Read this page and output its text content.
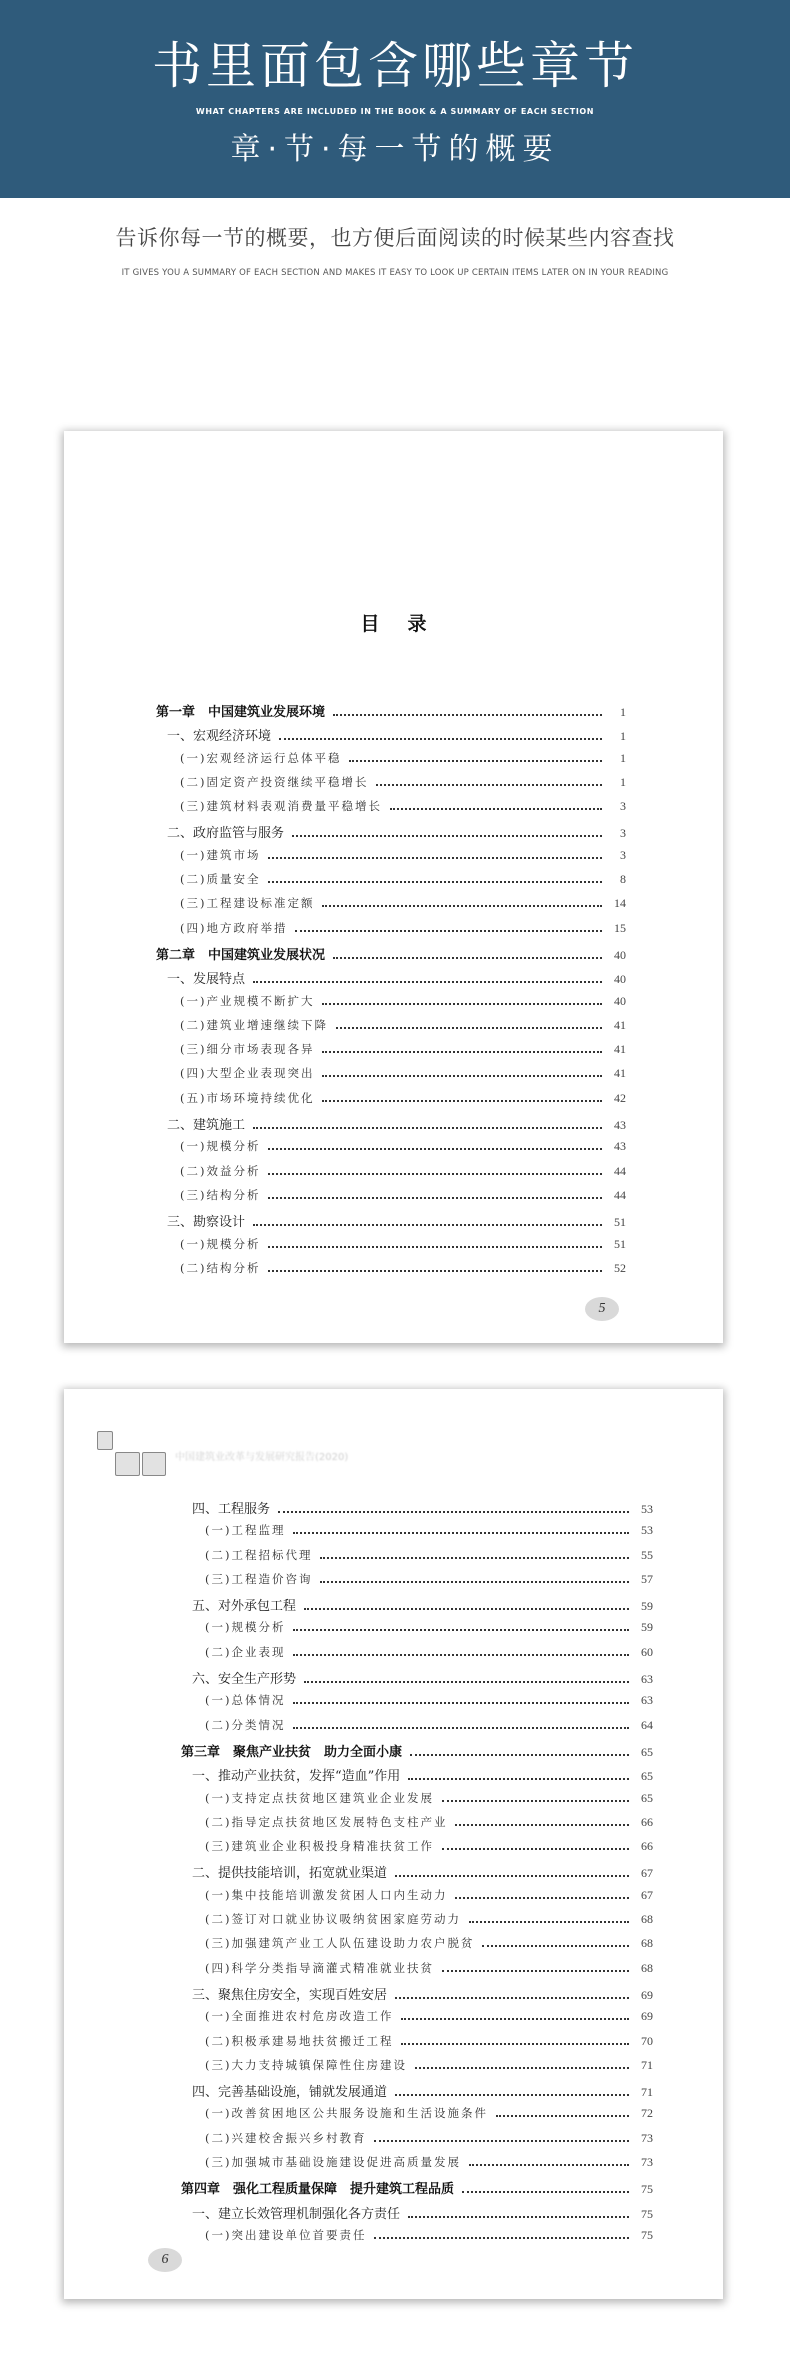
书里面包含哪些章节
WHAT CHAPTERS ARE INCLUDED IN THE BOOK & A SUMMARY OF EACH SECTION
章·节·每一节的概要
告诉你每一节的概要，也方便后面阅读的时候某些内容查找
IT GIVES YOU A SUMMARY OF EACH SECTION AND MAKES IT EASY TO LOOK UP CERTAIN ITEMS LATER ON IN YOUR READING
目录
第一章　中国建筑业发展环境	1
一、宏观经济环境	1
(一)宏观经济运行总体平稳	1
(二)固定资产投资继续平稳增长	1
(三)建筑材料表观消费量平稳增长	3
二、政府监管与服务	3
(一)建筑市场	3
(二)质量安全	8
(三)工程建设标准定额	14
(四)地方政府举措	15
第二章　中国建筑业发展状况	40
一、发展特点	40
(一)产业规模不断扩大	40
(二)建筑业增速继续下降	41
(三)细分市场表现各异	41
(四)大型企业表现突出	41
(五)市场环境持续优化	42
二、建筑施工	43
(一)规模分析	43
(二)效益分析	44
(三)结构分析	44
三、勘察设计	51
(一)规模分析	51
(二)结构分析	52
5
中国建筑业改革与发展研究报告(2020)
四、工程服务	53
(一)工程监理	53
(二)工程招标代理	55
(三)工程造价咨询	57
五、对外承包工程	59
(一)规模分析	59
(二)企业表现	60
六、安全生产形势	63
(一)总体情况	63
(二)分类情况	64
第三章　聚焦产业扶贫　助力全面小康	65
一、推动产业扶贫，发挥“造血”作用	65
(一)支持定点扶贫地区建筑业企业发展	65
(二)指导定点扶贫地区发展特色支柱产业	66
(三)建筑业企业积极投身精准扶贫工作	66
二、提供技能培训，拓宽就业渠道	67
(一)集中技能培训激发贫困人口内生动力	67
(二)签订对口就业协议吸纳贫困家庭劳动力	68
(三)加强建筑产业工人队伍建设助力农户脱贫	68
(四)科学分类指导滴灌式精准就业扶贫	68
三、聚焦住房安全，实现百姓安居	69
(一)全面推进农村危房改造工作	69
(二)积极承建易地扶贫搬迁工程	70
(三)大力支持城镇保障性住房建设	71
四、完善基础设施，铺就发展通道	71
(一)改善贫困地区公共服务设施和生活设施条件	72
(二)兴建校舍振兴乡村教育	73
(三)加强城市基础设施建设促进高质量发展	73
第四章　强化工程质量保障　提升建筑工程品质	75
一、建立长效管理机制强化各方责任	75
(一)突出建设单位首要责任	75
6
